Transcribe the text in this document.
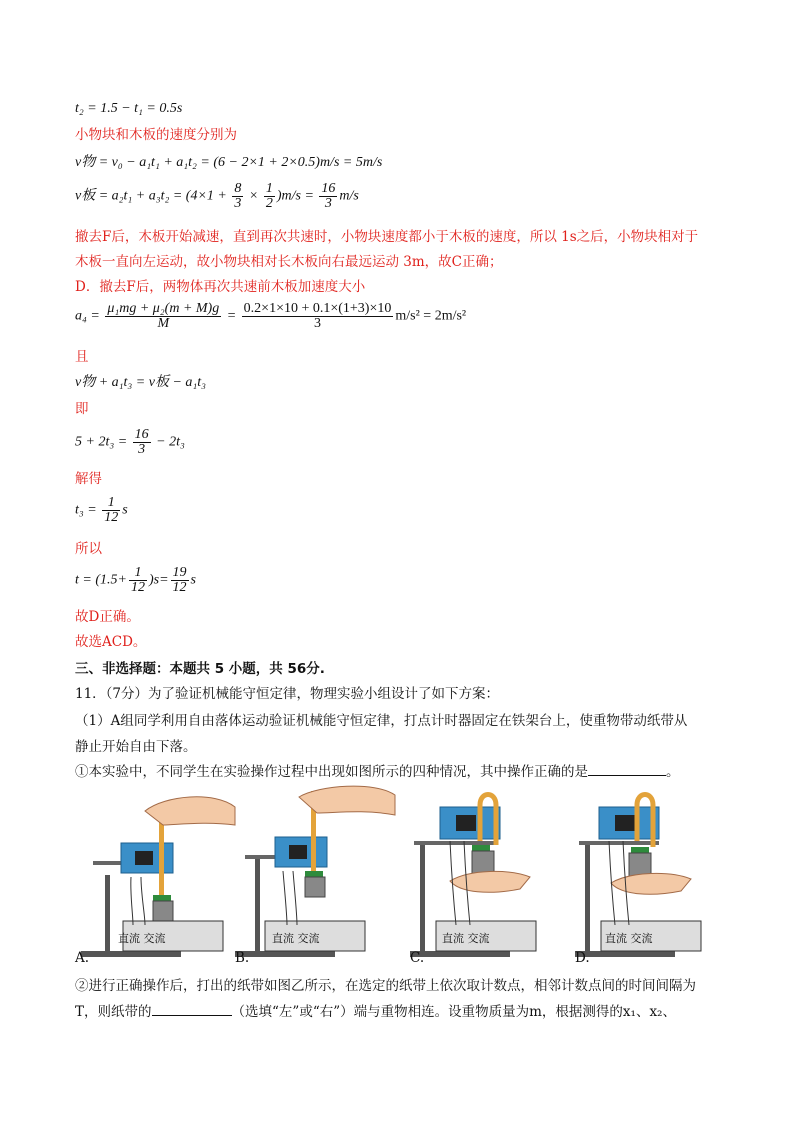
t₂ = 1.5 − t₁ = 0.5s
小物块和木板的速度分别为
v物 = v₀ − a₁t₁ + a₁t₂ = (6 − 2×1 + 2×0.5)m/s = 5m/s
v板 = $a_2t_1 + a_3t_2 = (4\times 1 + \frac{8}{3} \times \frac{1}{2} )m/s = \frac{16}{3} m/s$
撤去F后，木板开始减速，直到再次共速时，小物块速度都小于木板的速度，所以 1s之后，小物块相对于
木板一直向左运动，故小物块相对长木板向右最远运动 3m，故C正确；
D．撤去F后，两物体再次共速前木板加速度大小
$a_4 = \frac{\text{μ₁mg + μ₂(m + M)g}}{M} = \frac{0.2\times 1\times 10 + 0.1\times(1+3)\times 10}{3} m/s^2 = 2m/s^2$
且
v物 + a₁t₃ = v板 − a₁t₃
即
$5 + 2t_3 = \frac{16}{3} - 2t_3$
解得
$t_3 = \frac{1}{12}$ s
所以
$t = (1.5+ \frac{1}{12} )s= \frac{19}{12}$ s
故D正确。
故选ACD。
三、非选择题：本题共 5 小题，共 56分.
11．（7分）为了验证机械能守恒定律，物理实验小组设计了如下方案：
（1）A组同学利用自由落体运动验证机械能守恒定律，打点计时器固定在铁架台上，使重物带动纸带从
静止开始自由下落。
①本实验中，不同学生在实验操作过程中出现如图所示的四种情况，其中操作正确的是	。
A.	B.	C.	D.
直流 交流	直流 交流	直流 交流	直流 交流
②进行正确操作后，打出的纸带如图乙所示，在选定的纸带上依次取计数点，相邻计数点间的时间间隔为
T，则纸带的	（选填“左”或“右”）端与重物相连。设重物质量为m，根据测得的x₁、x₂、
